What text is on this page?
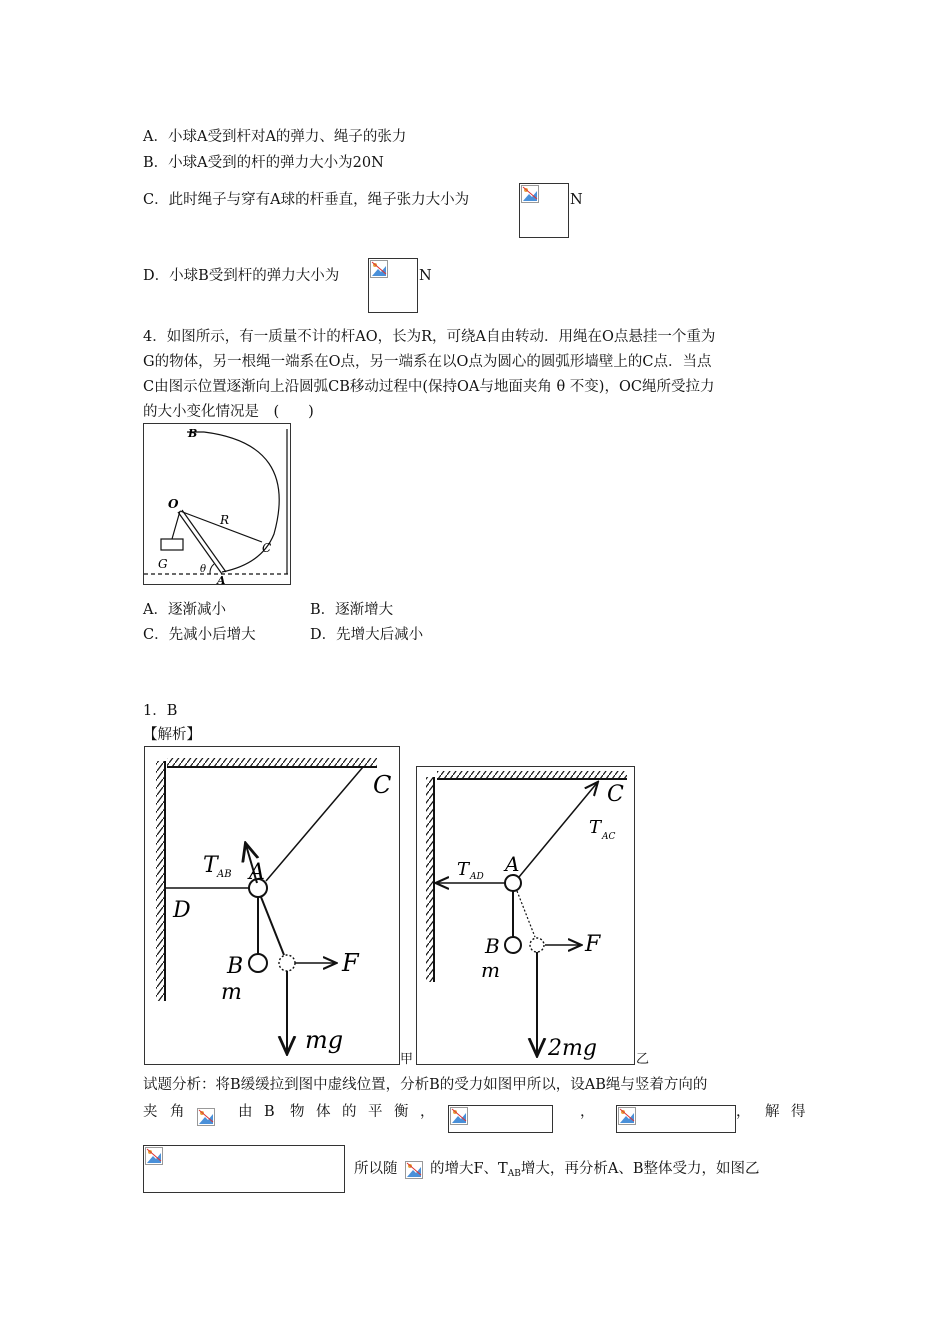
A．小球A受到杆对A的弹力、绳子的张力
B．小球A受到的杆的弹力大小为20N
C．此时绳子与穿有A球的杆垂直，绳子张力大小为	N
D．小球B受到杆的弹力大小为	N
4．如图所示，有一质量不计的杆AO，长为R，可绕A自由转动．用绳在O点悬挂一个重为
G的物体，另一根绳一端系在O点，另一端系在以O点为圆心的圆弧形墙壁上的C点．当点
C由图示位置逐渐向上沿圆弧CB移动过程中(保持OA与地面夹角 θ 不变)，OC绳所受拉力
的大小变化情况是　(　　)
B
O
R
C
G	θ
A
A．逐渐减小	B．逐渐增大
C．先减小后增大	D．先增大后减小
1．B
【解析】
C
T AB A
D
B	F
m
mg
甲
C
T AC
T AD
A
B	F
m
2mg	乙
试题分析：将B缓缓拉到图中虚线位置，分析B的受力如图甲所以，设AB绳与竖着方向的
夹 角	由 B 物 体 的 平 衡 ，	，	， 解 得
所以随 的增大F、$T_{AB}$增大，再分析A、B整体受力，如图乙
